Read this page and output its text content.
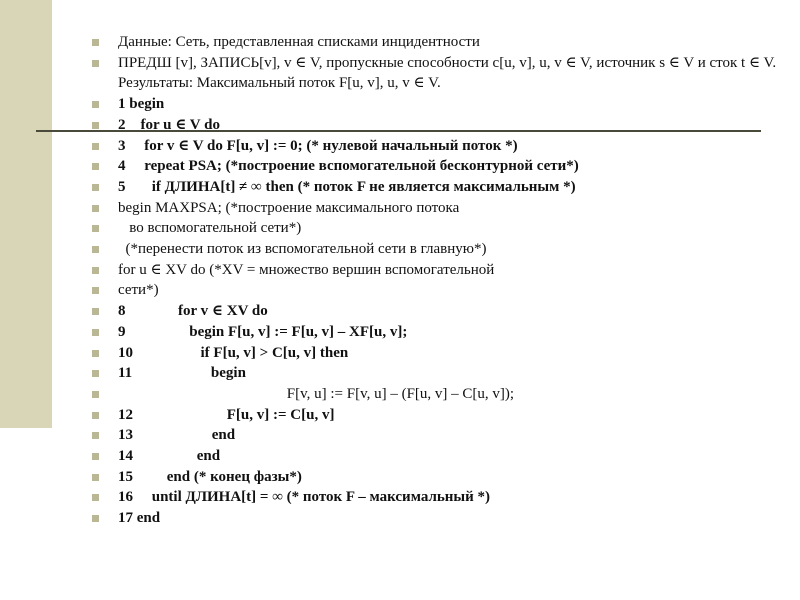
Данные: Сеть, представленная списками инцидентности
ПРЕДШ [v], ЗАПИСЬ[v], v ∈ V, пропускные способности c[u, v], u, v ∈ V, источник s ∈ V и сток t ∈ V. Результаты: Максимальный поток F[u, v], u, v ∈ V.
1 begin
2    for u ∈ V do
3     for v ∈ V do F[u, v] := 0; (* нулевой начальный поток *)
4     repeat PSA; (*построение вспомогательной бесконтурной сети*)
5       if ДЛИНА[t] ≠ ∞ then (* поток F не является максимальным *)
begin MAXPSA; (*построение максимального потока
во вспомогательной сети*)
(*перенести поток из вспомогательной сети в главную*)
for u ∈ XV do (*XV = множество вершин вспомогательной
сети*)
8              for v ∈ XV do
9                 begin F[u, v] := F[u, v] – XF[u, v];
10                  if F[u, v] > C[u, v] then
11                     begin
F[v, u] := F[v, u] – (F[u, v] – C[u, v]);
12                         F[u, v] := C[u, v]
13                     end
14                 end
15         end (* конец фазы*)
16     until ДЛИНА[t] = ∞ (* поток F – максимальный *)
17 end
